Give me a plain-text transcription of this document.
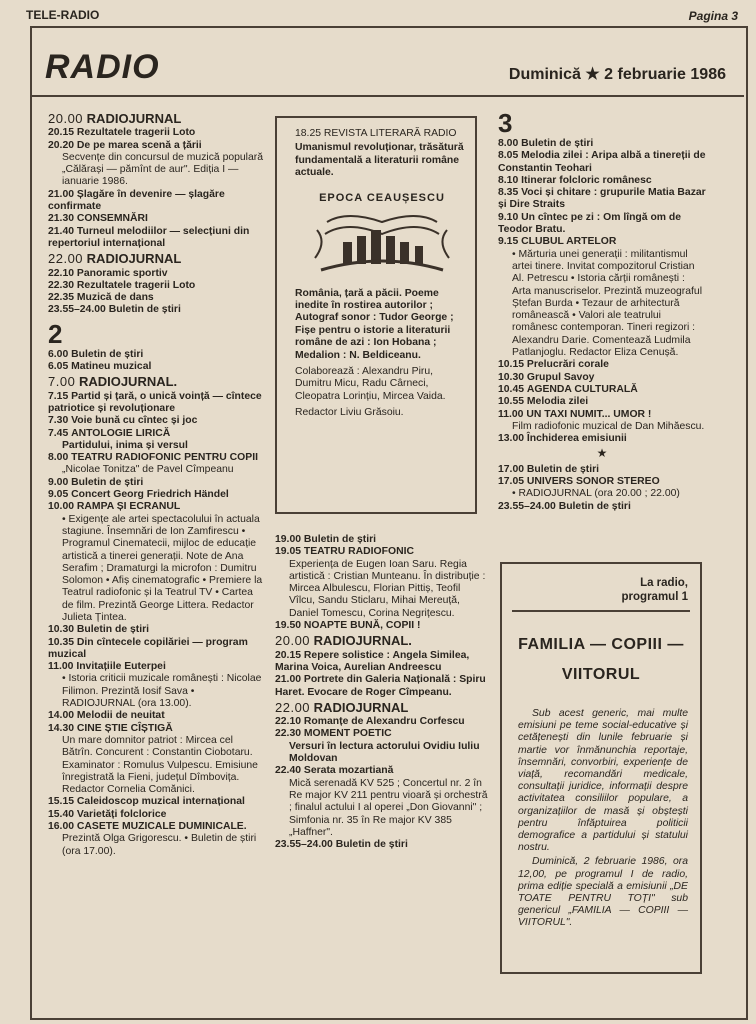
TELE-RADIO	Pagina 3
RADIO	Duminică ★ 2 februarie 1986
20.00 RADIOJURNAL
20.15 Rezultatele tragerii Loto
20.20 De pe marea scenă a țării
Secvențe din concursul de muzică populară „Călărași — pămînt de aur". Ediția I — ianuarie 1986.
21.00 Șlagăre în devenire — șlagăre confirmate
21.30 CONSEMNĂRI
21.40 Turneul melodiilor — selecțiuni din repertoriul internațional
22.00 RADIOJURNAL
22.10 Panoramic sportiv
22.30 Rezultatele tragerii Loto
22.35 Muzică de dans
23.55–24.00 Buletin de știri
2
6.00 Buletin de știri
6.05 Matineu muzical
7.00 RADIOJURNAL.
7.15 Partid și țară, o unică voință — cîntece patriotice și revoluționare
7.30 Voie bună cu cîntec și joc
7.45 ANTOLOGIE LIRICĂ
Partidului, inima și versul
8.00 TEATRU RADIOFONIC PENTRU COPII
„Nicolae Tonitza" de Pavel Cîmpeanu
9.00 Buletin de știri
9.05 Concert Georg Friedrich Händel
10.00 RAMPA ȘI ECRANUL
• Exigențe ale artei spectacolului în actuala stagiune. Însemnări de Ion Zamfirescu • Programul Cinematecii, mijloc de educație artistică a tinerei generații. Note de Ana Serafim ; Dramaturgi la microfon : Dumitru Solomon • Afiș cinematografic • Premiere la Teatrul radiofonic și la Teatrul TV • Cartea de film. Prezintă George Littera. Redactor Julieta Țintea.
10.30 Buletin de știri
10.35 Din cîntecele copilăriei — program muzical
11.00 Invitațiile Euterpei
• Istoria criticii muzicale românești : Nicolae Filimon. Prezintă Iosif Sava • RADIOJURNAL (ora 13.00).
14.00 Melodii de neuitat
14.30 CINE ȘTIE CÎȘTIGĂ
Un mare domnitor patriot : Mircea cel Bătrîn. Concurent : Constantin Ciobotaru. Examinator : Romulus Vulpescu. Emisiune înregistrată la Fieni, județul Dîmbovița. Redactor Cornelia Comănici.
15.15 Caleidoscop muzical internațional
15.40 Varietăți folclorice
16.00 CASETE MUZICALE DUMINICALE.
Prezintă Olga Grigorescu. • Buletin de știri (ora 17.00).
18.25 REVISTA LITERARĂ RADIO
Umanismul revoluționar, trăsătură fundamentală a literaturii române actuale.
EPOCA CEAUȘESCU
România, țară a păcii. Poeme inedite în rostirea autorilor ; Autograf sonor : Tudor George ; Fișe pentru o istorie a literaturii române de azi : Ion Hobana ; Medalion : N. Beldiceanu.
Colaborează : Alexandru Piru, Dumitru Micu, Radu Cârneci, Cleopatra Lorințiu, Mircea Vaida.
Redactor Liviu Grăsoiu.
19.00 Buletin de știri
19.05 TEATRU RADIOFONIC
Experiența de Eugen Ioan Saru. Regia artistică : Cristian Munteanu. În distribuție : Mircea Albulescu, Florian Pittiș, Teofil Vîlcu, Sandu Sticlaru, Mihai Mereuță, Daniel Tomescu, Corina Negrițescu.
19.50 NOAPTE BUNĂ, COPII !
20.00 RADIOJURNAL.
20.15 Repere solistice : Angela Similea, Marina Voica, Aurelian Andreescu
21.00 Portrete din Galeria Națională : Spiru Haret. Evocare de Roger Cîmpeanu.
22.00 RADIOJURNAL
22.10 Romanțe de Alexandru Corfescu
22.30 MOMENT POETIC
Versuri în lectura actorului Ovidiu Iuliu Moldovan
22.40 Serata mozartiană
Mică serenadă KV 525 ; Concertul nr. 2 în Re major KV 211 pentru vioară și orchestră ; finalul actului I al operei „Don Giovanni" ; Simfonia nr. 35 în Re major KV 385 „Haffner".
23.55–24.00 Buletin de știri
3
8.00 Buletin de știri
8.05 Melodia zilei : Aripa albă a tinereții de Constantin Teohari
8.10 Itinerar folcloric românesc
8.35 Voci și chitare : grupurile Matia Bazar și Dire Straits
9.10 Un cîntec pe zi : Om lîngă om de Teodor Bratu.
9.15 CLUBUL ARTELOR
• Mărturia unei generații : militantismul artei tinere. Invitat compozitorul Cristian Al. Petrescu • Istoria cărții românești : Arta manuscriselor. Prezintă muzeograful Ștefan Burda • Tezaur de arhitectură românească • Valori ale teatrului românesc contemporan. Tineri regizori : Alexandru Darie. Comentează Ludmila Patlanjoglu. Redactor Eliza Cenușă.
10.15 Prelucrări corale
10.30 Grupul Savoy
10.45 AGENDA CULTURALĂ
10.55 Melodia zilei
11.00 UN TAXI NUMIT... UMOR !
Film radiofonic muzical de Dan Mihăescu.
13.00 Închiderea emisiunii
★
17.00 Buletin de știri
17.05 UNIVERS SONOR STEREO
• RADIOJURNAL (ora 20.00 ; 22.00)
23.55–24.00 Buletin de știri
La radio,
programul 1
FAMILIA — COPIII —
VIITORUL

Sub acest generic, mai multe emisiuni pe teme social-educative și cetățenești din lunile februarie și martie vor înmănunchia reportaje, însemnări, convorbiri, experiențe de viață, recomandări medicale, consultații juridice, informații despre activitatea consiliilor populare, a organizațiilor de masă și obștești pentru înfăptuirea politicii demografice a partidului și statului nostru.

Duminică, 2 februarie 1986, ora 12,00, pe programul I de radio, prima ediție specială a emisiunii „DE TOATE PENTRU TOȚI" sub genericul „FAMILIA — COPIII — VIITORUL".
